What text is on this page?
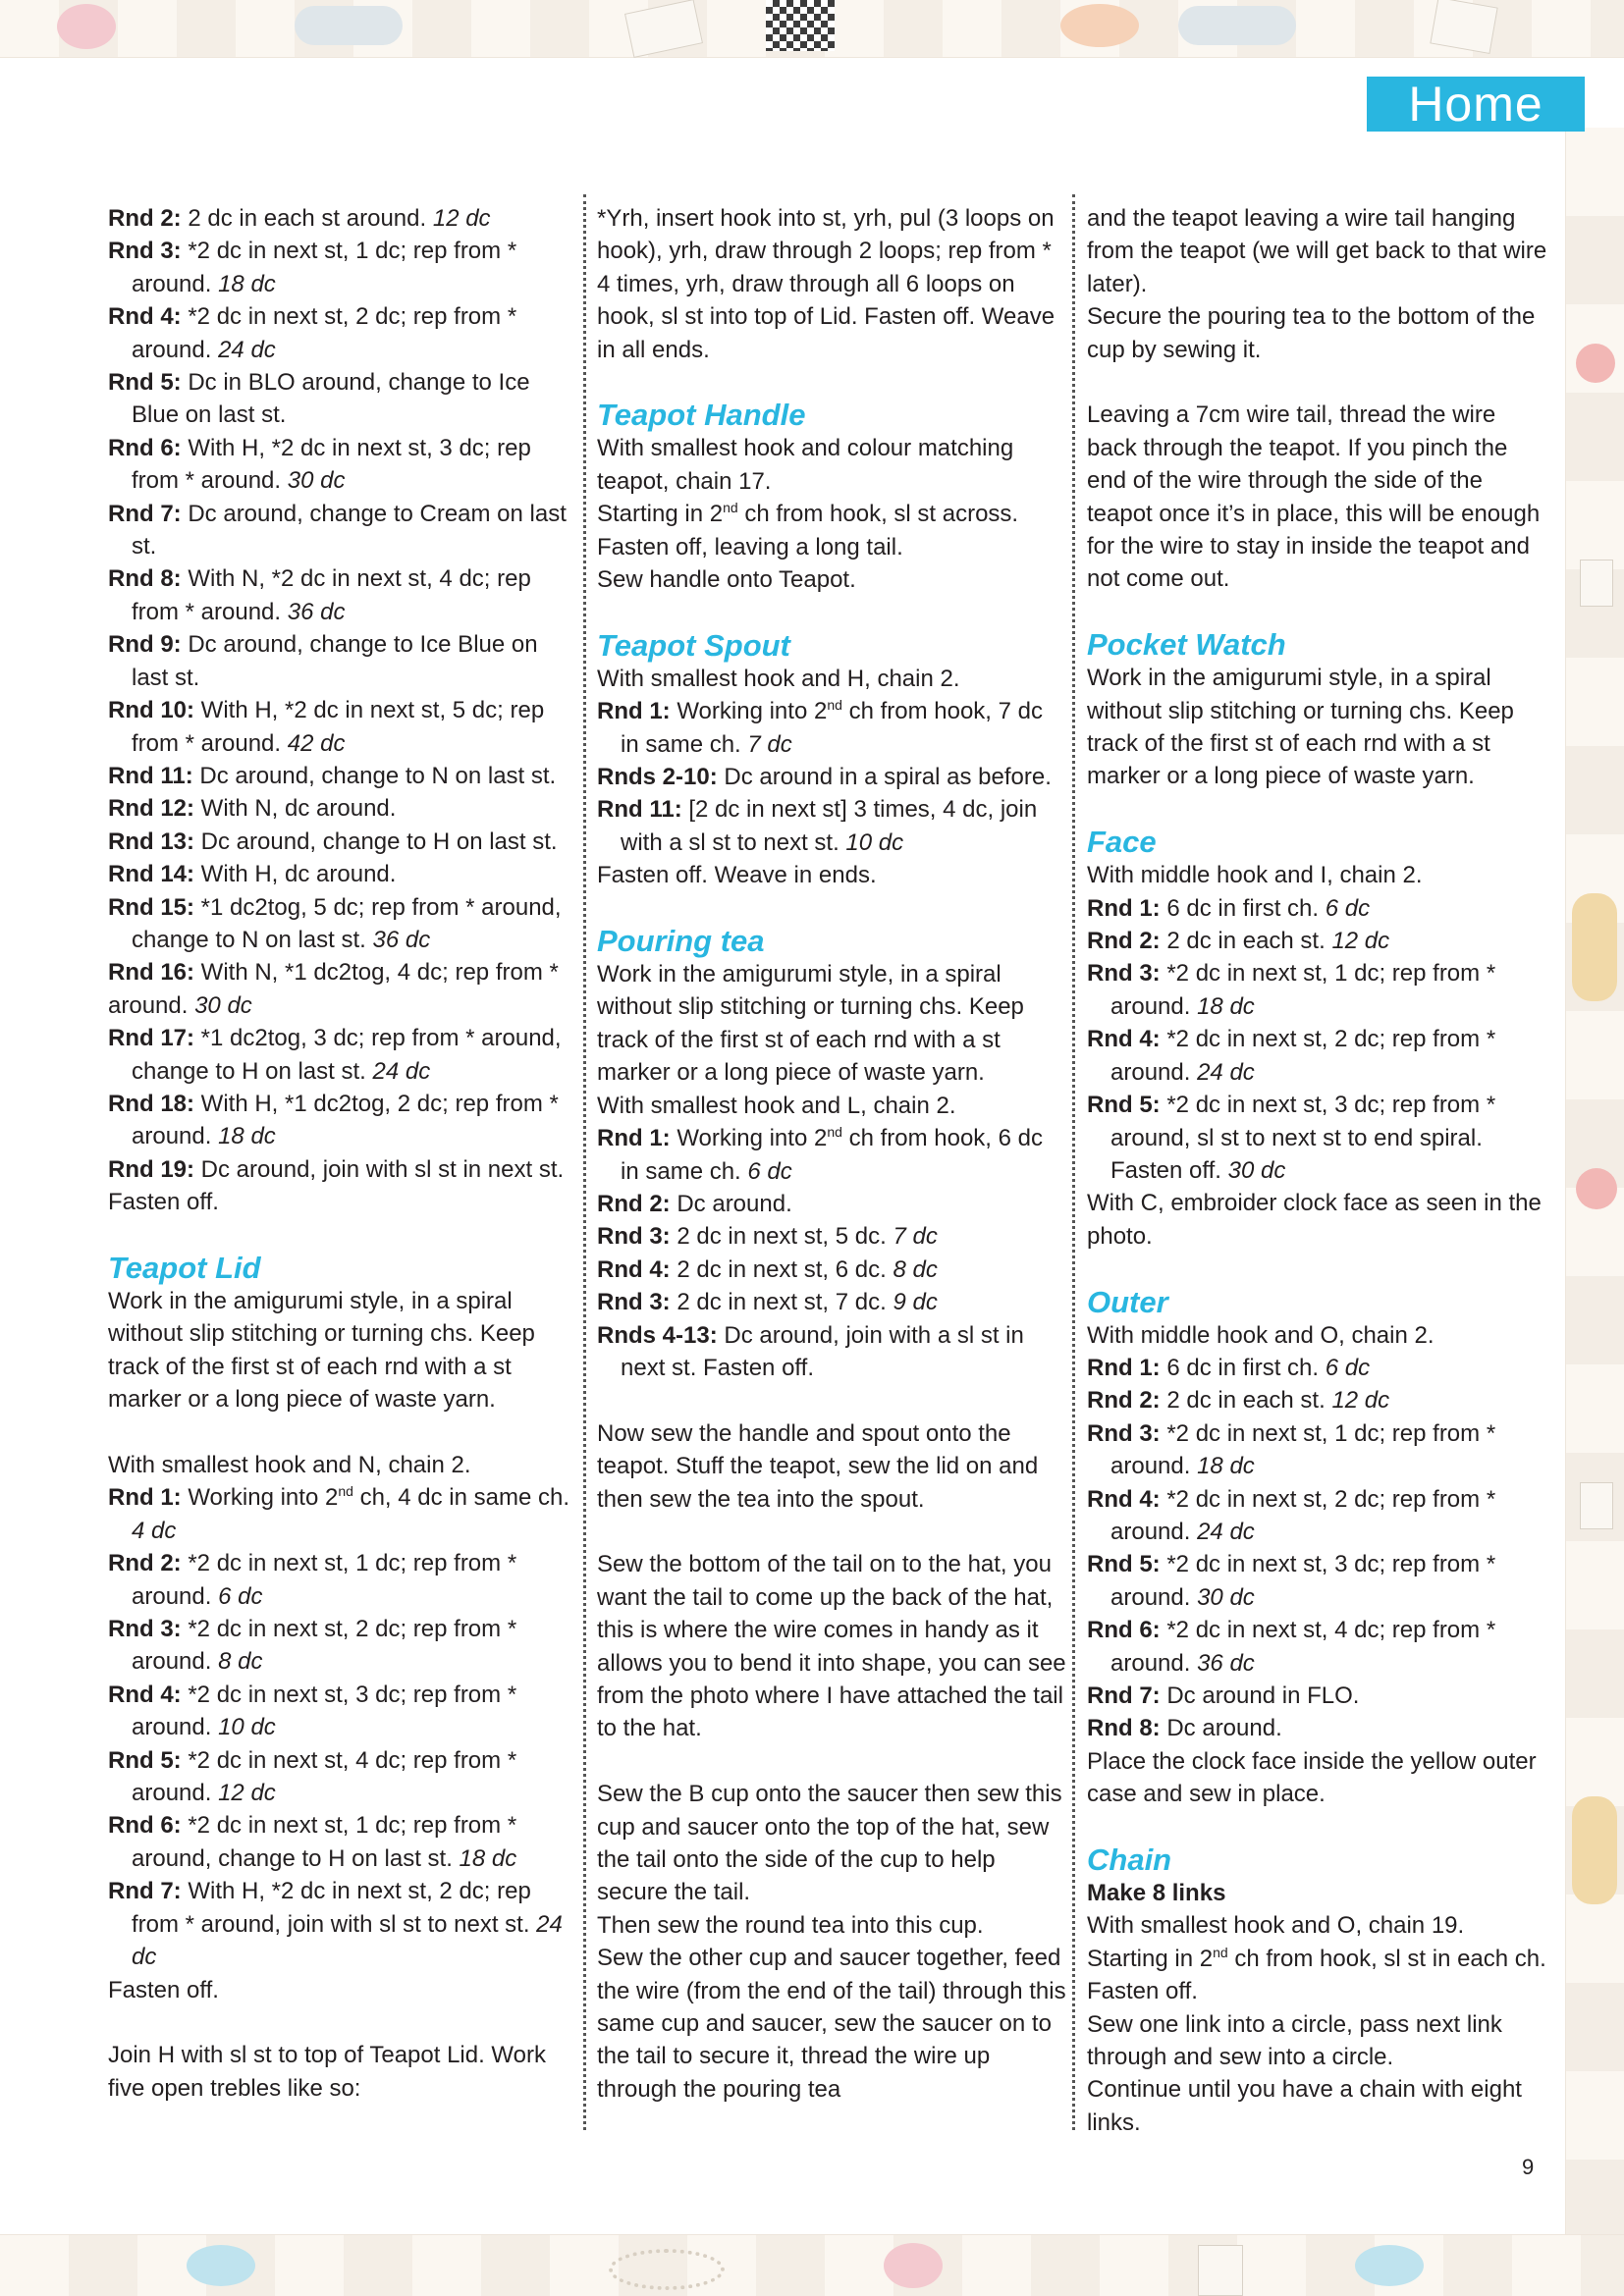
Home

Rnd 2: 2 dc in each st around. 12 dc

Rnd 3: *2 dc in next st, 1 dc; rep from * around. 18 dc

Rnd 4: *2 dc in next st, 2 dc; rep from * around. 24 dc

Rnd 5: Dc in BLO around, change to Ice Blue on last st.

Rnd 6: With H, *2 dc in next st, 3 dc; rep from * around. 30 dc

Rnd 7: Dc around, change to Cream on last st.

Rnd 8: With N, *2 dc in next st, 4 dc; rep from * around. 36 dc

Rnd 9: Dc around, change to Ice Blue on last st.

Rnd 10: With H, *2 dc in next st, 5 dc; rep from * around. 42 dc

Rnd 11: Dc around, change to N on last st.

Rnd 12: With N, dc around.

Rnd 13: Dc around, change to H on last st.

Rnd 14: With H, dc around.

Rnd 15: *1 dc2tog, 5 dc; rep from * around, change to N on last st. 36 dc

Rnd 16: With N, *1 dc2tog, 4 dc; rep from * around. 30 dc

Rnd 17: *1 dc2tog, 3 dc; rep from * around, change to H on last st. 24 dc

Rnd 18: With H, *1 dc2tog, 2 dc; rep from * around. 18 dc

Rnd 19: Dc around, join with sl st in next st.

Fasten off.

Teapot Lid

Work in the amigurumi style, in a spiral without slip stitching or turning chs. Keep track of the first st of each rnd with a st marker or a long piece of waste yarn.

With smallest hook and N, chain 2.

Rnd 1: Working into 2nd ch, 4 dc in same ch. 4 dc

Rnd 2: *2 dc in next st, 1 dc; rep from * around. 6 dc

Rnd 3: *2 dc in next st, 2 dc; rep from * around. 8 dc

Rnd 4: *2 dc in next st, 3 dc; rep from * around. 10 dc

Rnd 5: *2 dc in next st, 4 dc; rep from * around. 12 dc

Rnd 6: *2 dc in next st, 1 dc; rep from * around, change to H on last st. 18 dc

Rnd 7: With H, *2 dc in next st, 2 dc; rep from * around, join with sl st to next st. 24 dc

Fasten off.

Join H with sl st to top of Teapot Lid. Work five open trebles like so:

*Yrh, insert hook into st, yrh, pul (3 loops on hook), yrh, draw through 2 loops; rep from * 4 times, yrh, draw through all 6 loops on hook, sl st into top of Lid. Fasten off. Weave in all ends.

Teapot Handle

With smallest hook and colour matching teapot, chain 17.

Starting in 2nd ch from hook, sl st across. Fasten off, leaving a long tail.

Sew handle onto Teapot.

Teapot Spout

With smallest hook and H, chain 2.

Rnd 1: Working into 2nd ch from hook, 7 dc in same ch. 7 dc

Rnds 2-10: Dc around in a spiral as before.

Rnd 11: [2 dc in next st] 3 times, 4 dc, join with a sl st to next st. 10 dc

Fasten off. Weave in ends.

Pouring tea

Work in the amigurumi style, in a spiral without slip stitching or turning chs. Keep track of the first st of each rnd with a st marker or a long piece of waste yarn.

With smallest hook and L, chain 2.

Rnd 1: Working into 2nd ch from hook, 6 dc in same ch. 6 dc

Rnd 2: Dc around.

Rnd 3: 2 dc in next st, 5 dc. 7 dc

Rnd 4: 2 dc in next st, 6 dc. 8 dc

Rnd 3: 2 dc in next st, 7 dc. 9 dc

Rnds 4-13: Dc around, join with a sl st in next st. Fasten off.

Now sew the handle and spout onto the teapot. Stuff the teapot, sew the lid on and then sew the tea into the spout.

Sew the bottom of the tail on to the hat, you want the tail to come up the back of the hat, this is where the wire comes in handy as it allows you to bend it into shape, you can see from the photo where I have attached the tail to the hat.

Sew the B cup onto the saucer then sew this cup and saucer onto the top of the hat, sew the tail onto the side of the cup to help secure the tail.

Then sew the round tea into this cup.

Sew the other cup and saucer together, feed the wire (from the end of the tail) through this same cup and saucer, sew the saucer on to the tail to secure it, thread the wire up through the pouring tea

and the teapot leaving a wire tail hanging from the teapot (we will get back to that wire later).

Secure the pouring tea to the bottom of the cup by sewing it.

Leaving a 7cm wire tail, thread the wire back through the teapot. If you pinch the end of the wire through the side of the teapot once it’s in place, this will be enough for the wire to stay in inside the teapot and not come out.

Pocket Watch

Work in the amigurumi style, in a spiral without slip stitching or turning chs. Keep track of the first st of each rnd with a st marker or a long piece of waste yarn.

Face

With middle hook and I, chain 2.

Rnd 1: 6 dc in first ch. 6 dc

Rnd 2: 2 dc in each st. 12 dc

Rnd 3: *2 dc in next st, 1 dc; rep from * around. 18 dc

Rnd 4: *2 dc in next st, 2 dc; rep from * around. 24 dc

Rnd 5: *2 dc in next st, 3 dc; rep from * around, sl st to next st to end spiral. Fasten off. 30 dc

With C, embroider clock face as seen in the photo.

Outer

With middle hook and O, chain 2.

Rnd 1: 6 dc in first ch. 6 dc

Rnd 2: 2 dc in each st. 12 dc

Rnd 3: *2 dc in next st, 1 dc; rep from * around. 18 dc

Rnd 4: *2 dc in next st, 2 dc; rep from * around. 24 dc

Rnd 5: *2 dc in next st, 3 dc; rep from * around. 30 dc

Rnd 6: *2 dc in next st, 4 dc; rep from * around. 36 dc

Rnd 7: Dc around in FLO.

Rnd 8: Dc around.

Place the clock face inside the yellow outer case and sew in place.

Chain

Make 8 links

With smallest hook and O, chain 19.

Starting in 2nd ch from hook, sl st in each ch. Fasten off.

Sew one link into a circle, pass next link through and sew into a circle.

Continue until you have a chain with eight links.

9
